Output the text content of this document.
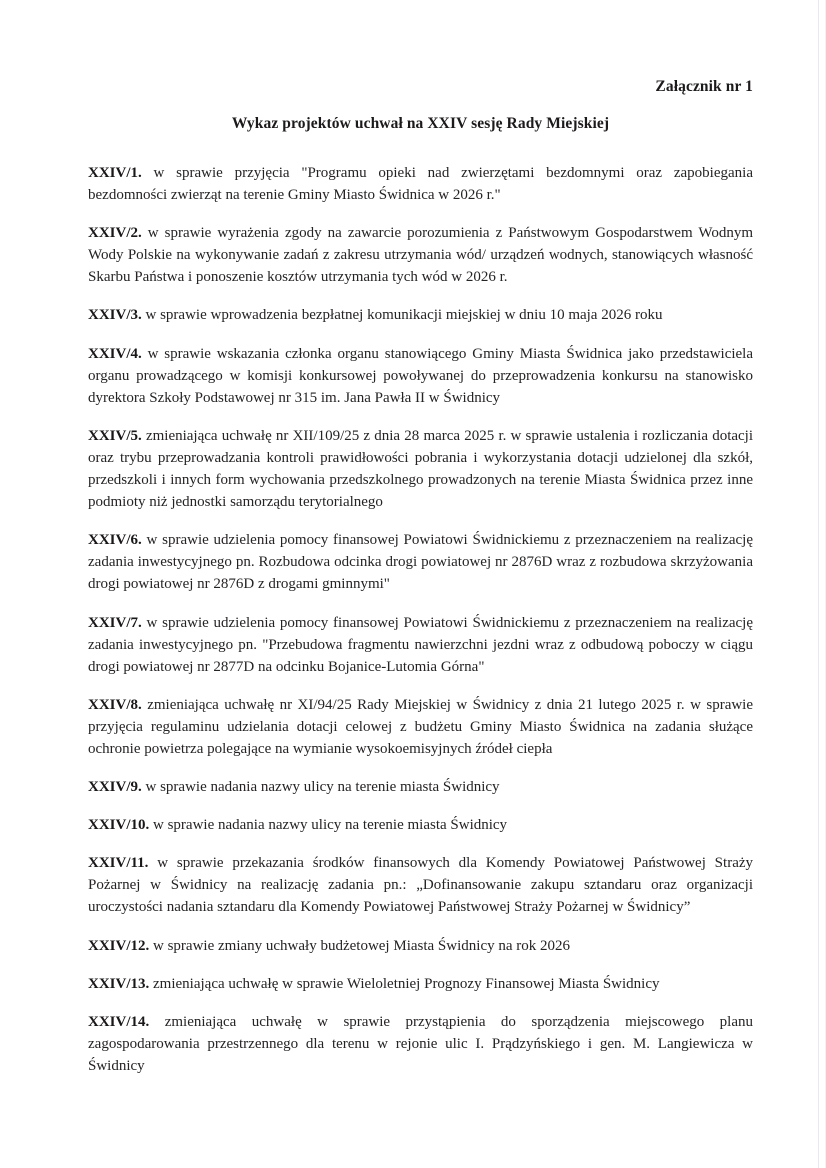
Załącznik nr 1
Wykaz projektów uchwał na XXIV sesję Rady Miejskiej

XXIV/1. w sprawie przyjęcia "Programu opieki nad zwierzętami bezdomnymi oraz zapobiegania bezdomności zwierząt na terenie Gminy Miasto Świdnica w 2026 r."

XXIV/2. w sprawie wyrażenia zgody na zawarcie porozumienia z Państwowym Gospodarstwem Wodnym Wody Polskie na wykonywanie zadań z zakresu utrzymania wód/ urządzeń wodnych, stanowiących własność Skarbu Państwa i ponoszenie kosztów utrzymania tych wód w 2026 r.

XXIV/3. w sprawie wprowadzenia bezpłatnej komunikacji miejskiej w dniu 10 maja 2026 roku

XXIV/4. w sprawie wskazania członka organu stanowiącego Gminy Miasta Świdnica jako przedstawiciela organu prowadzącego w komisji konkursowej powoływanej do przeprowadzenia konkursu na stanowisko dyrektora Szkoły Podstawowej nr 315 im. Jana Pawła II w Świdnicy

XXIV/5. zmieniająca uchwałę nr XII/109/25 z dnia 28 marca 2025 r. w sprawie ustalenia i rozliczania dotacji oraz trybu przeprowadzania kontroli prawidłowości pobrania i wykorzystania dotacji udzielonej dla szkół, przedszkoli i innych form wychowania przedszkolnego prowadzonych na terenie Miasta Świdnica przez inne podmioty niż jednostki samorządu terytorialnego

XXIV/6. w sprawie udzielenia pomocy finansowej Powiatowi Świdnickiemu z przeznaczeniem na realizację zadania inwestycyjnego pn. Rozbudowa odcinka drogi powiatowej nr 2876D wraz z rozbudowa skrzyżowania drogi powiatowej nr 2876D z drogami gminnymi"

XXIV/7. w sprawie udzielenia pomocy finansowej Powiatowi Świdnickiemu z przeznaczeniem na realizację zadania inwestycyjnego pn. "Przebudowa fragmentu nawierzchni jezdni wraz z odbudową poboczy w ciągu drogi powiatowej nr 2877D na odcinku Bojanice-Lutomia Górna"

XXIV/8. zmieniająca uchwałę nr XI/94/25 Rady Miejskiej w Świdnicy z dnia 21 lutego 2025 r. w sprawie przyjęcia regulaminu udzielania dotacji celowej z budżetu Gminy Miasto Świdnica na zadania służące ochronie powietrza polegające na wymianie wysokoemisyjnych źródeł ciepła

XXIV/9. w sprawie nadania nazwy ulicy na terenie miasta Świdnicy

XXIV/10. w sprawie nadania nazwy ulicy na terenie miasta Świdnicy

XXIV/11. w sprawie przekazania środków finansowych dla Komendy Powiatowej Państwowej Straży Pożarnej w Świdnicy na realizację zadania pn.: „Dofinansowanie zakupu sztandaru oraz organizacji uroczystości nadania sztandaru dla Komendy Powiatowej Państwowej Straży Pożarnej w Świdnicy”

XXIV/12. w sprawie zmiany uchwały budżetowej Miasta Świdnicy na rok 2026

XXIV/13. zmieniająca uchwałę w sprawie Wieloletniej Prognozy Finansowej Miasta Świdnicy

XXIV/14. zmieniająca uchwałę w sprawie przystąpienia do sporządzenia miejscowego planu zagospodarowania przestrzennego dla terenu w rejonie ulic I. Prądzyńskiego i gen. M. Langiewicza w Świdnicy
